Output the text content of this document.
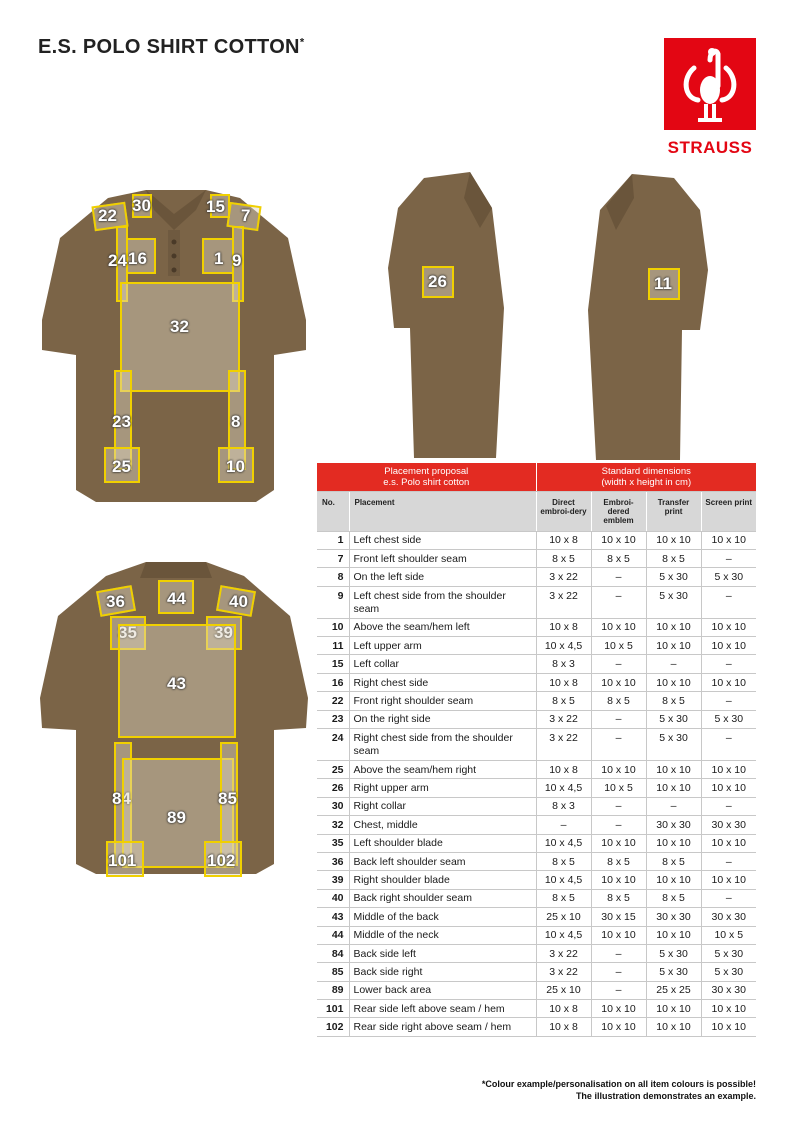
E.S. POLO SHIRT COTTON*
STRAUSS
22
30	15 7
24 16	1 9
32
23	8
25	10
26	11
36 44	40
35	39
43
84
89
85
101	102
Placement proposal
e.s. Polo shirt cotton		Standard dimensions
(width x height in cm)			
No.	Placement	Direct embroi-dery	Embroi-dered emblem	Transfer print	Screen print
1	Left chest side	10 x 8	10 x 10	10 x 10	10 x 10
7	Front left shoulder seam	8 x 5	8 x 5	8 x 5	–
8	On the left side	3 x 22	–	5 x 30	5 x 30
9	Left chest side from the shoulder seam	3 x 22	–	5 x 30	–
10	Above the seam/hem left	10 x 8	10 x 10	10 x 10	10 x 10
11	Left upper arm	10 x 4,5	10 x 5	10 x 10	10 x 10
15	Left collar	8 x 3	–	–	–
16	Right chest side	10 x 8	10 x 10	10 x 10	10 x 10
22	Front right shoulder seam	8 x 5	8 x 5	8 x 5	–
23	On the right side	3 x 22	–	5 x 30	5 x 30
24	Right chest side from the shoulder seam	3 x 22	–	5 x 30	–
25	Above the seam/hem right	10 x 8	10 x 10	10 x 10	10 x 10
26	Right upper arm	10 x 4,5	10 x 5	10 x 10	10 x 10
30	Right collar	8 x 3	–	–	–
32	Chest, middle	–	–	30 x 30	30 x 30
35	Left shoulder blade	10 x 4,5	10 x 10	10 x 10	10 x 10
36	Back left shoulder seam	8 x 5	8 x 5	8 x 5	–
39	Right shoulder blade	10 x 4,5	10 x 10	10 x 10	10 x 10
40	Back right shoulder seam	8 x 5	8 x 5	8 x 5	–
43	Middle of the back	25 x 10	30 x 15	30 x 30	30 x 30
44	Middle of the neck	10 x 4,5	10 x 10	10 x 10	10 x 5
84	Back side left	3 x 22	–	5 x 30	5 x 30
85	Back side right	3 x 22	–	5 x 30	5 x 30
89	Lower back area	25 x 10	–	25 x 25	30 x 30
101	Rear side left above seam / hem	10 x 8	10 x 10	10 x 10	10 x 10
102	Rear side right above seam / hem	10 x 8	10 x 10	10 x 10	10 x 10
*Colour example/personalisation on all item colours is possible!
The illustration demonstrates an example.
